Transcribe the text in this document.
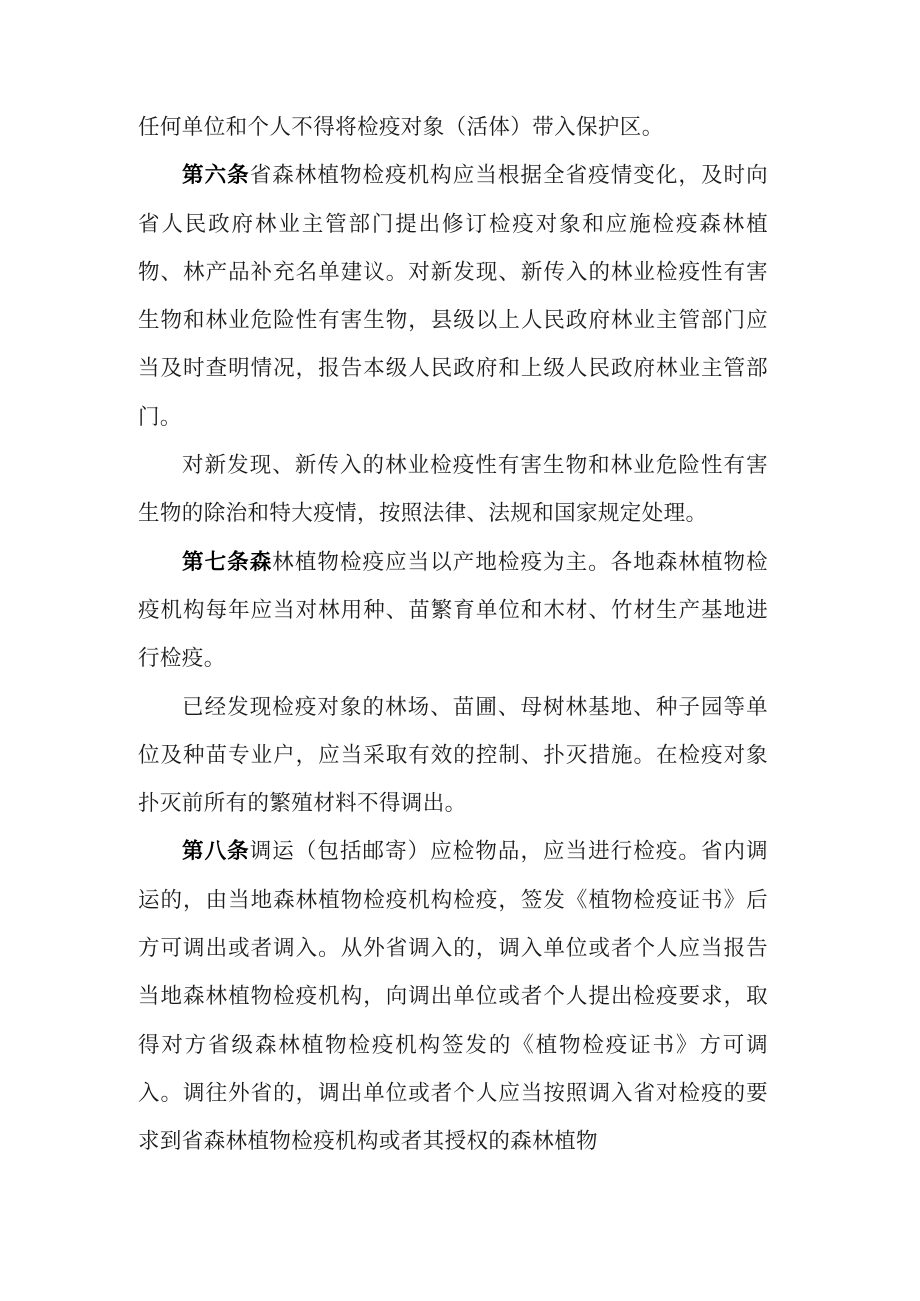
任何单位和个人不得将检疫对象（活体）带入保护区。

第六条省森林植物检疫机构应当根据全省疫情变化，及时向省人民政府林业主管部门提出修订检疫对象和应施检疫森林植物、林产品补充名单建议。对新发现、新传入的林业检疫性有害生物和林业危险性有害生物，县级以上人民政府林业主管部门应当及时查明情况，报告本级人民政府和上级人民政府林业主管部门。

对新发现、新传入的林业检疫性有害生物和林业危险性有害生物的除治和特大疫情，按照法律、法规和国家规定处理。

第七条森林植物检疫应当以产地检疫为主。各地森林植物检疫机构每年应当对林用种、苗繁育单位和木材、竹材生产基地进行检疫。

已经发现检疫对象的林场、苗圃、母树林基地、种子园等单位及种苗专业户，应当采取有效的控制、扑灭措施。在检疫对象扑灭前所有的繁殖材料不得调出。

第八条调运（包括邮寄）应检物品，应当进行检疫。省内调运的，由当地森林植物检疫机构检疫，签发《植物检疫证书》后方可调出或者调入。从外省调入的，调入单位或者个人应当报告当地森林植物检疫机构，向调出单位或者个人提出检疫要求，取得对方省级森林植物检疫机构签发的《植物检疫证书》方可调入。调往外省的，调出单位或者个人应当按照调入省对检疫的要求到省森林植物检疫机构或者其授权的森林植物
